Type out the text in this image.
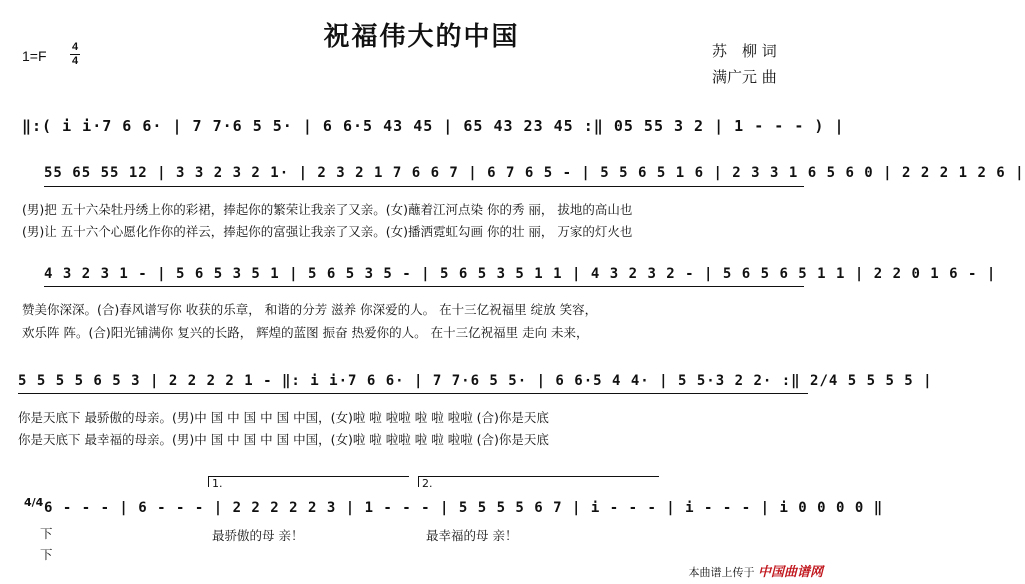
祝福伟大的中国
1=F
4
4
苏　柳 词
满广元 曲
‖:( i i·7 6 6· | 7 7·6 5 5· | 6 6·5 43 45 | 65 43 23 45 :‖ 05 55 3 2 | 1 - - - ) |
55 65 55 12 | 3 3 2 3 2 1· | 2 3 2 1 7 6 6 7 | 6 7 6 5 - | 5 5 6 5 1 6 | 2 3 3 1 6 5 6 0 | 2 2 2 1 2 6 |
(男)把 五十六朵牡丹绣上你的彩裙，捧起你的繁荣让我亲了又亲。(女)蘸着江河点染 你的秀 丽， 拔地的高山也
(男)让 五十六个心愿化作你的祥云，捧起你的富强让我亲了又亲。(女)播洒霓虹勾画 你的壮 丽， 万家的灯火也
4 3 2 3 1 - | 5 6 5 3 5 1 | 5 6 5 3 5 - | 5 6 5 3 5 1 1 | 4 3 2 3 2 - | 5 6 5 6 5 1 1 | 2 2 0 1 6 - |
赞美你深深。(合)春风谱写你 收获的乐章， 和谐的分芳 滋养 你深爱的人。 在十三亿祝福里 绽放 笑容，
欢乐阵 阵。(合)阳光铺满你 复兴的长路， 辉煌的蓝图 振奋 热爱你的人。 在十三亿祝福里 走向 未来，
5 5 5 5 6 5 3 | 2 2 2 2 1 - ‖: i i·7 6 6· | 7 7·6 5 5· | 6 6·5 4 4· | 5 5·3 2 2· :‖ 2/4 5 5 5 5 |
你是天底下 最骄傲的母亲。(男)中 国 中 国 中 国 中国，(女)啦 啦 啦啦 啦 啦 啦啦 (合)你是天底
你是天底下 最幸福的母亲。(男)中 国 中 国 中 国 中国，(女)啦 啦 啦啦 啦 啦 啦啦 (合)你是天底
1.	2.
4/4 6 - - - | 6 - - - | 2 2 2 2 2 3 | 1 - - - | 5 5 5 5 6 7 | i - - - | i - - - | i 0 0 0 0 ‖
下
下
最骄傲的母 亲！	最幸福的母 亲！
本曲谱上传于 中国曲谱网
